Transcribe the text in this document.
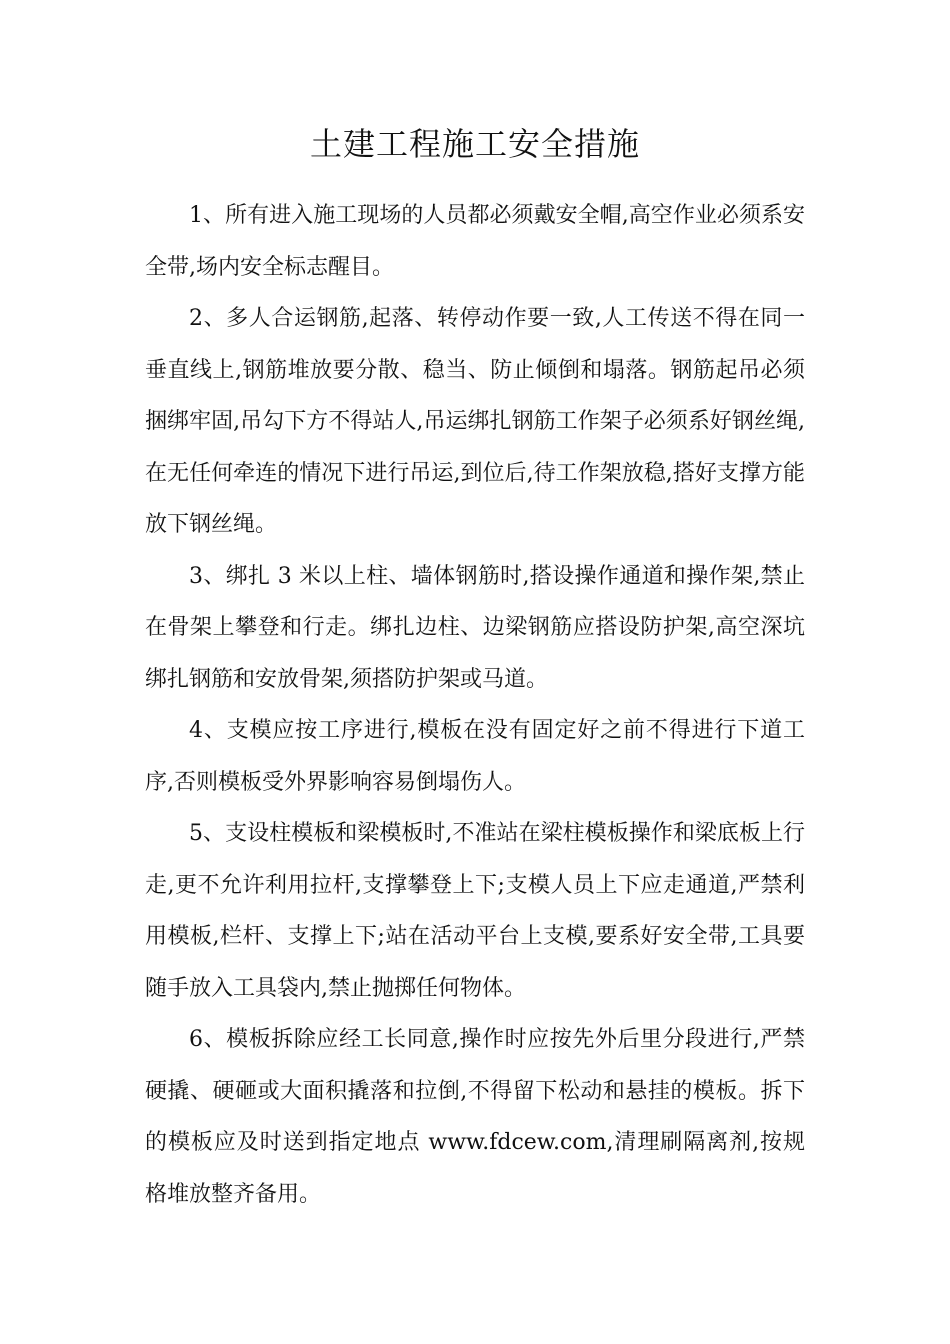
土建工程施工安全措施

1、所有进入施工现场的人员都必须戴安全帽,高空作业必须系安全带,场内安全标志醒目。

2、多人合运钢筋,起落、转停动作要一致,人工传送不得在同一垂直线上,钢筋堆放要分散、稳当、防止倾倒和塌落。钢筋起吊必须捆绑牢固,吊勾下方不得站人,吊运绑扎钢筋工作架子必须系好钢丝绳,在无任何牵连的情况下进行吊运,到位后,待工作架放稳,搭好支撑方能放下钢丝绳。

3、绑扎 3 米以上柱、墙体钢筋时,搭设操作通道和操作架,禁止在骨架上攀登和行走。绑扎边柱、边梁钢筋应搭设防护架,高空深坑绑扎钢筋和安放骨架,须搭防护架或马道。

4、支模应按工序进行,模板在没有固定好之前不得进行下道工序,否则模板受外界影响容易倒塌伤人。

5、支设柱模板和梁模板时,不准站在梁柱模板操作和梁底板上行走,更不允许利用拉杆,支撑攀登上下;支模人员上下应走通道,严禁利用模板,栏杆、支撑上下;站在活动平台上支模,要系好安全带,工具要随手放入工具袋内,禁止抛掷任何物体。

6、模板拆除应经工长同意,操作时应按先外后里分段进行,严禁硬撬、硬砸或大面积撬落和拉倒,不得留下松动和悬挂的模板。拆下的模板应及时送到指定地点 www.fdcew.com,清理刷隔离剂,按规格堆放整齐备用。
